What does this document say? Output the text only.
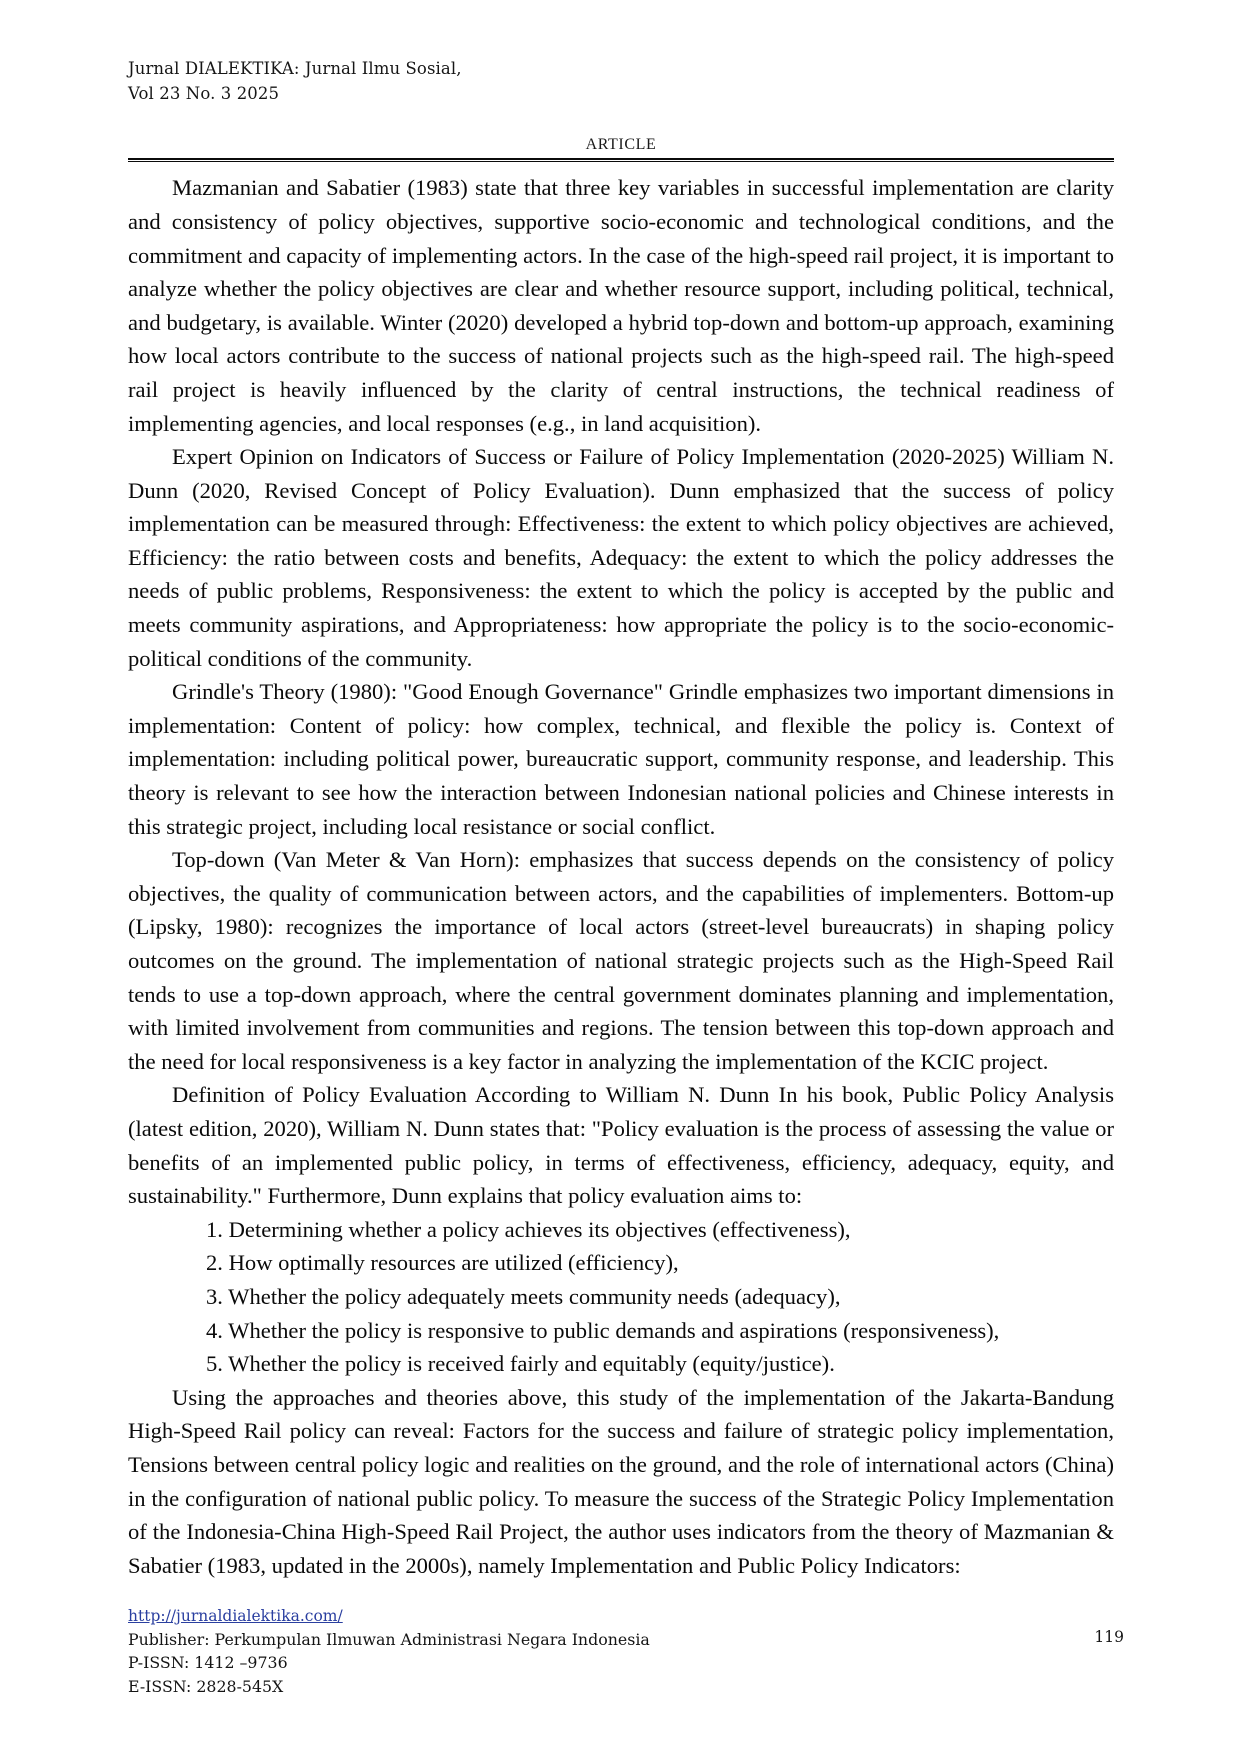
Jurnal DIALEKTIKA: Jurnal Ilmu Sosial,
Vol 23 No. 3 2025
ARTICLE

Mazmanian and Sabatier (1983) state that three key variables in successful implementation are clarity and consistency of policy objectives, supportive socio-economic and technological conditions, and the commitment and capacity of implementing actors. In the case of the high-speed rail project, it is important to analyze whether the policy objectives are clear and whether resource support, including political, technical, and budgetary, is available. Winter (2020) developed a hybrid top-down and bottom-up approach, examining how local actors contribute to the success of national projects such as the high-speed rail. The high-speed rail project is heavily influenced by the clarity of central instructions, the technical readiness of implementing agencies, and local responses (e.g., in land acquisition).

Expert Opinion on Indicators of Success or Failure of Policy Implementation (2020-2025) William N. Dunn (2020, Revised Concept of Policy Evaluation). Dunn emphasized that the success of policy implementation can be measured through: Effectiveness: the extent to which policy objectives are achieved, Efficiency: the ratio between costs and benefits, Adequacy: the extent to which the policy addresses the needs of public problems, Responsiveness: the extent to which the policy is accepted by the public and meets community aspirations, and Appropriateness: how appropriate the policy is to the socio-economic-political conditions of the community.

Grindle's Theory (1980): "Good Enough Governance" Grindle emphasizes two important dimensions in implementation: Content of policy: how complex, technical, and flexible the policy is. Context of implementation: including political power, bureaucratic support, community response, and leadership. This theory is relevant to see how the interaction between Indonesian national policies and Chinese interests in this strategic project, including local resistance or social conflict.

Top-down (Van Meter & Van Horn): emphasizes that success depends on the consistency of policy objectives, the quality of communication between actors, and the capabilities of implementers. Bottom-up (Lipsky, 1980): recognizes the importance of local actors (street-level bureaucrats) in shaping policy outcomes on the ground. The implementation of national strategic projects such as the High-Speed Rail tends to use a top-down approach, where the central government dominates planning and implementation, with limited involvement from communities and regions. The tension between this top-down approach and the need for local responsiveness is a key factor in analyzing the implementation of the KCIC project.

Definition of Policy Evaluation According to William N. Dunn In his book, Public Policy Analysis (latest edition, 2020), William N. Dunn states that: "Policy evaluation is the process of assessing the value or benefits of an implemented public policy, in terms of effectiveness, efficiency, adequacy, equity, and sustainability." Furthermore, Dunn explains that policy evaluation aims to:

1. Determining whether a policy achieves its objectives (effectiveness),
2. How optimally resources are utilized (efficiency),
3. Whether the policy adequately meets community needs (adequacy),
4. Whether the policy is responsive to public demands and aspirations (responsiveness),
5. Whether the policy is received fairly and equitably (equity/justice).

Using the approaches and theories above, this study of the implementation of the Jakarta-Bandung High-Speed Rail policy can reveal: Factors for the success and failure of strategic policy implementation, Tensions between central policy logic and realities on the ground, and the role of international actors (China) in the configuration of national public policy. To measure the success of the Strategic Policy Implementation of the Indonesia-China High-Speed Rail Project, the author uses indicators from the theory of Mazmanian & Sabatier (1983, updated in the 2000s), namely Implementation and Public Policy Indicators:

http://jurnaldialektika.com/
Publisher: Perkumpulan Ilmuwan Administrasi Negara Indonesia
P-ISSN: 1412 –9736
E-ISSN: 2828-545X
119
